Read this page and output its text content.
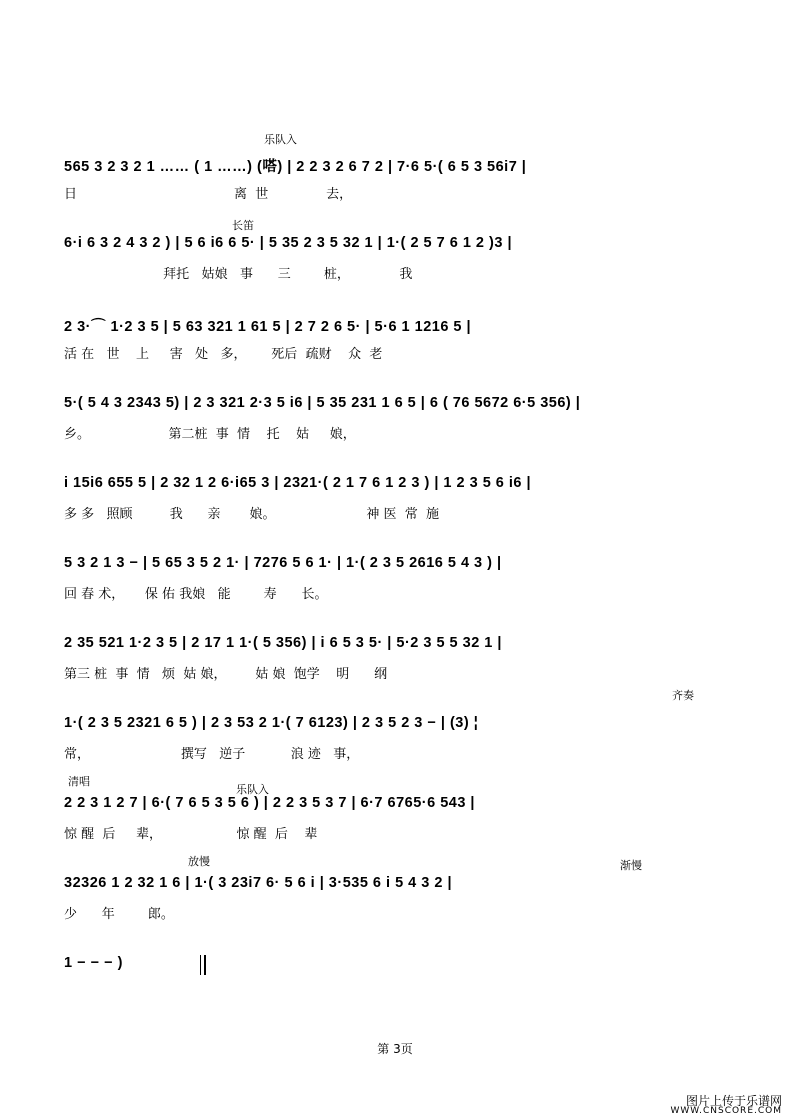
乐队入
565 3 2 3 2 1 …… ( 1 ……) (嗒) | 2 2 3 2 6 7 2 | 7·6 5·( 6 5 3 56i7 |
日                                      离  世              去，
长笛
6·i 6 3 2 4 3 2 ) | 5 6 i6 6 5· | 5 35 2 3 5 32 1 | 1·( 2 5 7 6 1 2 )3 |
拜托   姑娘   事      三        桩，            我
2 3·⌒ 1·2 3 5 | 5 63 321 1 61 5 | 2 7 2 6 5· | 5·6 1 1216 5 |
活 在   世    上     害   处   多，      死后  疏财    众  老
5·( 5 4 3 2343 5) | 2 3 321 2·3 5 i6 | 5 35 231 1 6 5 | 6 ( 76 5672 6·5 356) |
乡。                   第二桩  事  情    托    姑     娘，
i 15i6 655 5 | 2 32 1 2 6·i65 3 | 2321·( 2 1 7 6 1 2 3 ) | 1 2 3 5 6 i6 |
多 多   照顾         我      亲       娘。                      神 医  常  施
5 3 2 1 3 − | 5 65 3 5 2 1· | 7276 5 6 1· | 1·( 2 3 5 2616 5 4 3 ) |
回 春 术，     保 佑 我娘   能        寿      长。
2 35 521 1·2 3 5 | 2 17 1 1·( 5 356) | i 6 5 3 5· | 5·2 3 5 5 32 1 |
第三 桩  事  情   烦  姑 娘，       姑 娘  饱学    明      纲
齐奏
1·( 2 3 5 2321 6 5 ) | 2 3 53 2 1·( 7 6123) | 2 3 5 2 3 − | (3) ¦
常，                      撰写   逆子           浪 迹   事，
清唱
乐队入
2 2 3 1 2 7 | 6·( 7 6 5 3 5 6 ) | 2 2 3 5 3 7 | 6·7 6765·6 543 |
惊 醒  后     辈，                  惊 醒  后    辈
放慢	渐慢
32326 1 2 32 1 6 | 1·( 3 23i7 6· 5 6 i | 3·535 6 i 5 4 3 2 |
少      年        郎。
1 − − − )
第 3页
图片上传于乐谱网
WWW.CNSCORE.COM
